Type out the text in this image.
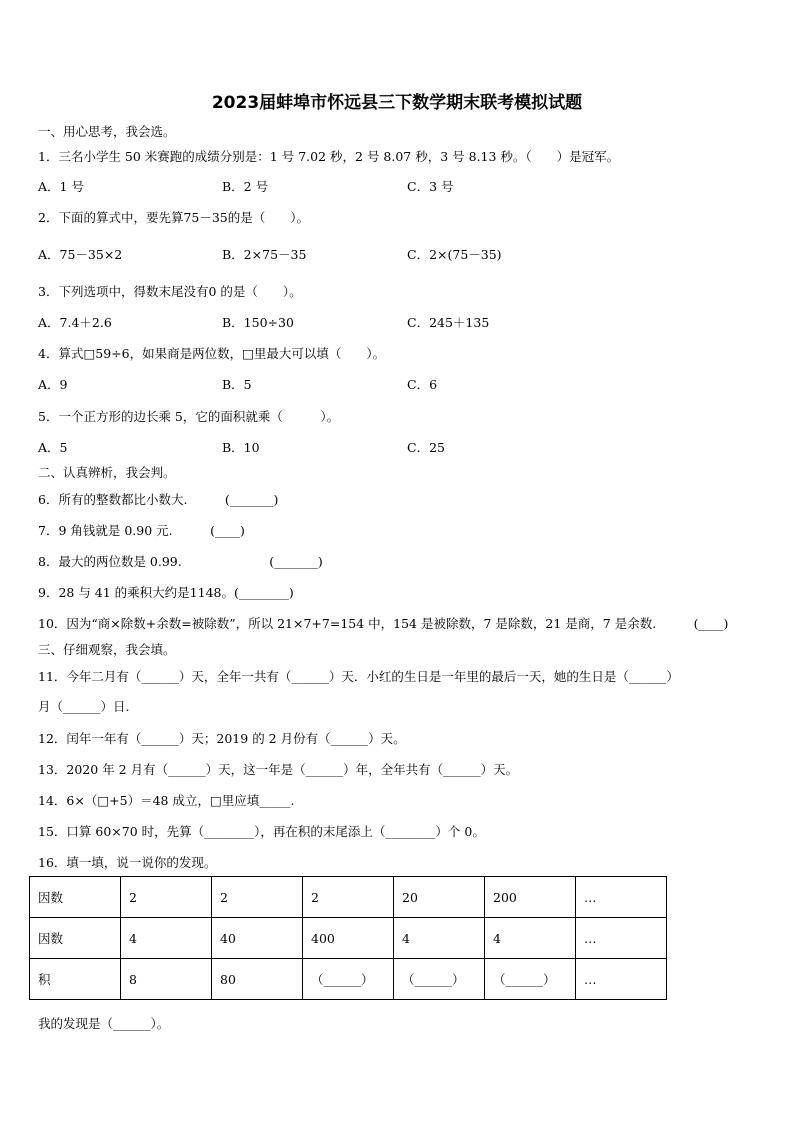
2023届蚌埠市怀远县三下数学期末联考模拟试题
一、用心思考，我会选。
1．三名小学生 50 米赛跑的成绩分别是：1 号 7.02 秒，2 号 8.07 秒，3 号 8.13 秒。（　　）是冠军。
A．1 号	B．2 号	C．3 号
2．下面的算式中，要先算75－35的是（　　）。
A．75－35×2	B．2×75－35	C．2×(75－35)
3．下列选项中，得数末尾没有0 的是（　　）。
A．7.4＋2.6	B．150÷30	C．245＋135
4．算式□59÷6，如果商是两位数，□里最大可以填（　　）。
A．9	B．5	C．6
5．一个正方形的边长乘 5，它的面积就乘（　　　）。
A．5	B．10	C．25
二、认真辨析，我会判。
6．所有的整数都比小数大.　　　(_______)
7．9 角钱就是 0.90 元.　　　(____)
8．最大的两位数是 0.99.　　　　　　　(_______)
9．28 与 41 的乘积大约是1148。(________)
10．因为“商×除数+余数=被除数”，所以 21×7+7=154 中，154 是被除数，7 是除数，21 是商，7 是余数.　　　(____)
三、仔细观察，我会填。
11．今年二月有（______）天，全年一共有（______）天．小红的生日是一年里的最后一天，她的生日是（______）
月（______）日.
12．闰年一年有（______）天；2019 的 2 月份有（______）天。
13．2020 年 2 月有（______）天，这一年是（______）年，全年共有（______）天。
14．6×（□+5）＝48 成立，□里应填_____.
15．口算 60×70 时，先算（________），再在积的末尾添上（________）个 0。
16．填一填，说一说你的发现。
因数	2	2	2	20	200	…
因数	4	40	400	4	4	…
积	8	80	（______）	（______）	（______）	…
我的发现是（______）。
